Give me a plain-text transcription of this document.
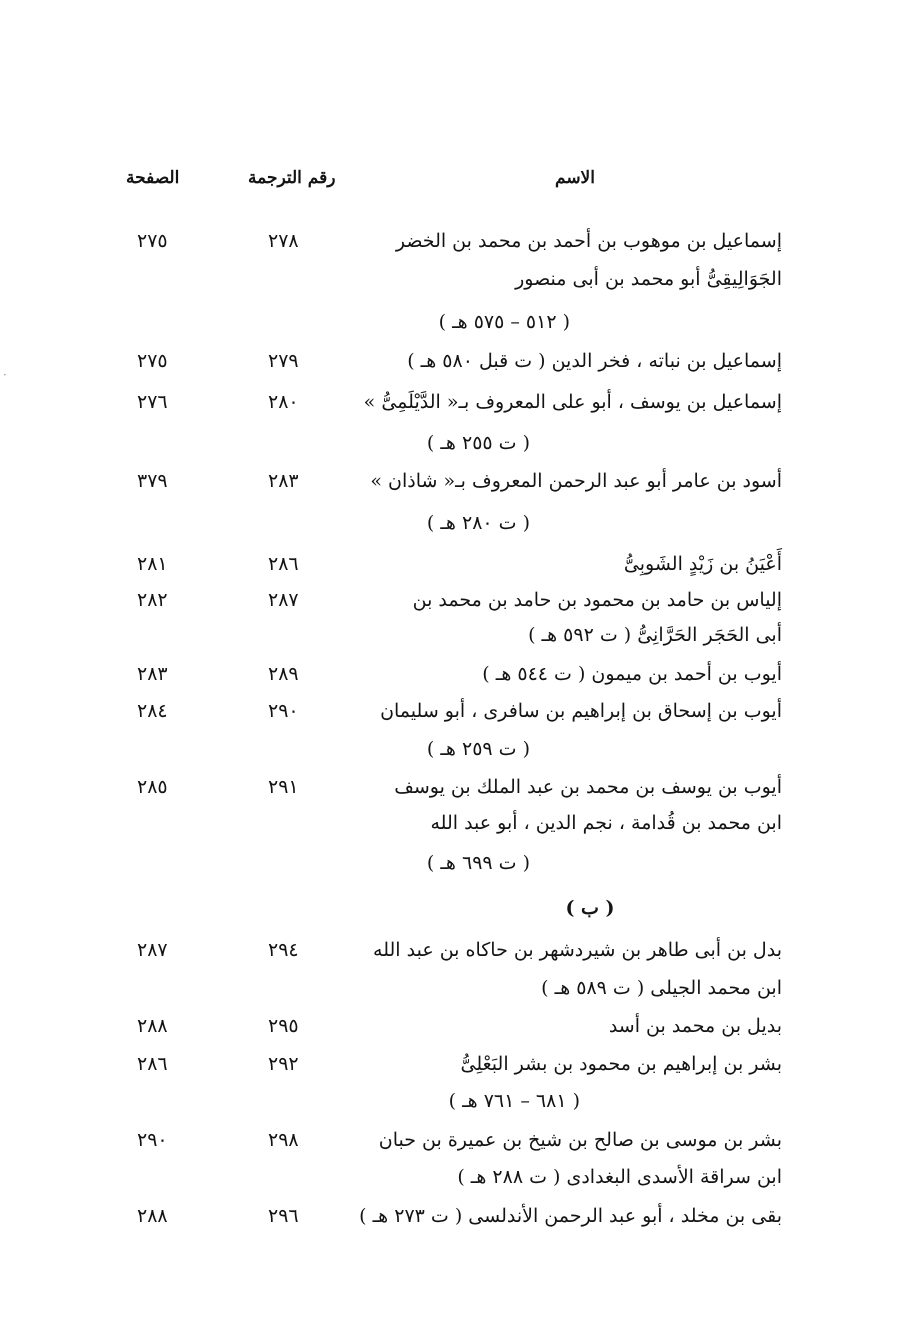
الاسم
رقم الترجمة
الصفحة
·
إسماعيل بن موهوب بن أحمد بن محمد بن الخضر
٢٧٨
٢٧٥
الجَوَالِيقِىُّ أبو محمد بن أبى منصور
( ٥١٢ – ٥٧٥ هـ )
إسماعيل بن نباته ، فخر الدين ( ت قبل ٥٨٠ هـ )
٢٧٩
٢٧٥
إسماعيل بن يوسف ، أبو على المعروف بـ« الدَّيْلَمِىُّ »
٢٨٠
٢٧٦
( ت ٢٥٥ هـ )
أسود بن عامر أبو عبد الرحمن المعروف بـ« شاذان »
٢٨٣
٣٧٩
( ت ٢٨٠ هـ )
أَعْيَنُ بن زَيْدٍ الشَوبِىُّ
٢٨٦
٢٨١
إلياس بن حامد بن محمود بن حامد بن محمد بن
٢٨٧
٢٨٢
أبى الحَجَر الحَرَّانِىُّ ( ت ٥٩٢ هـ )
أيوب بن أحمد بن ميمون ( ت ٥٤٤ هـ )
٢٨٩
٢٨٣
أيوب بن إسحاق بن إبراهيم بن سافرى ، أبو سليمان
٢٩٠
٢٨٤
( ت ٢٥٩ هـ )
أيوب بن يوسف بن محمد بن عبد الملك بن يوسف
٢٩١
٢٨٥
ابن محمد بن قُدامة ، نجم الدين ، أبو عبد الله
( ت ٦٩٩ هـ )
( ب )
بدل بن أبى طاهر بن شيردشهر بن حاكاه بن عبد الله
٢٩٤
٢٨٧
ابن محمد الجيلى ( ت ٥٨٩ هـ )
بديل بن محمد بن أسد
٢٩٥
٢٨٨
بشر بن إبراهيم بن محمود بن بشر البَعْلِىُّ
٢٩٢
٢٨٦
( ٦٨١ – ٧٦١ هـ )
بشر بن موسى بن صالح بن شيخ بن عميرة بن حبان
٢٩٨
٢٩٠
ابن سراقة الأسدى البغدادى ( ت ٢٨٨ هـ )
بقى بن مخلد ، أبو عبد الرحمن الأندلسى ( ت ٢٧٣ هـ )
٢٩٦
٢٨٨
